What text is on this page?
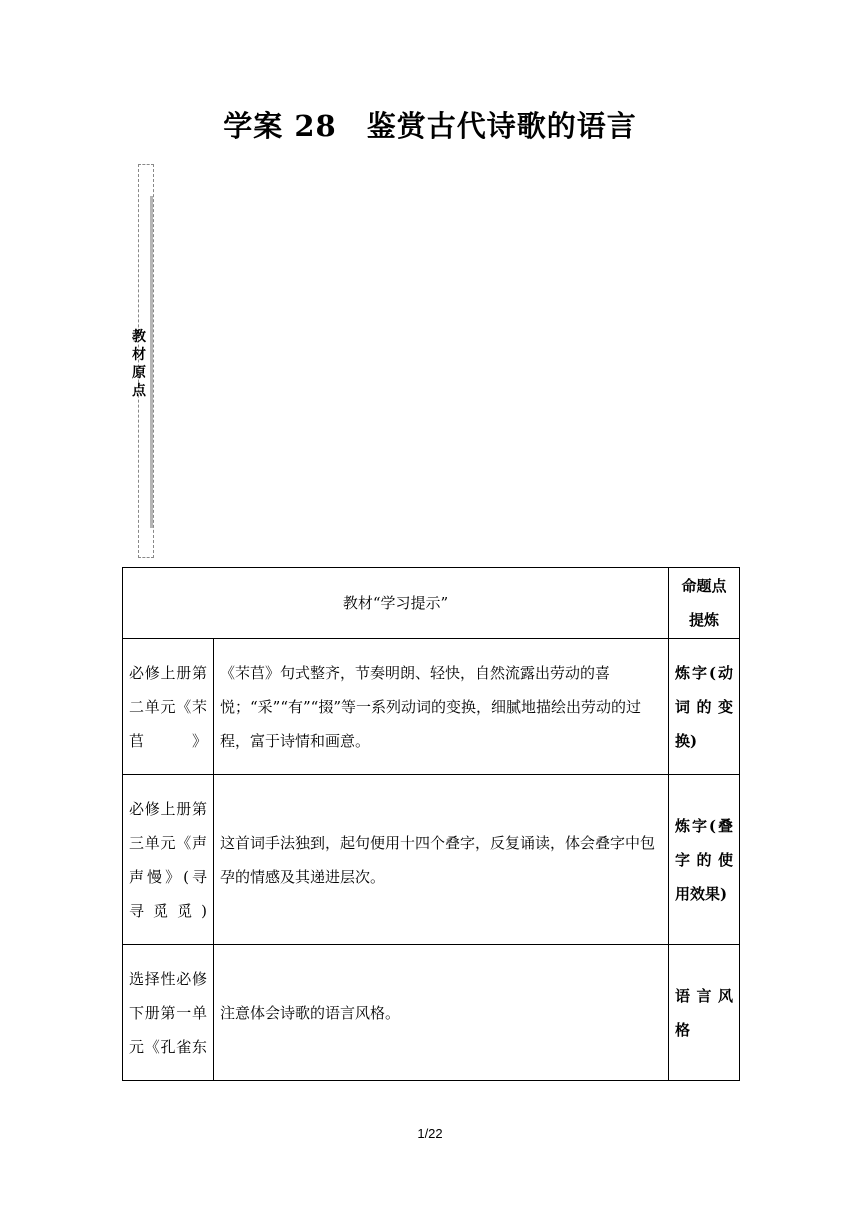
学案 28　鉴赏古代诗歌的语言
教
材
原
点
教材“学习提示”		命题点提炼
必修上册第二单元《芣苢》	《芣苢》句式整齐，节奏明朗、轻快，自然流露出劳动的喜悦；“采”“有”“掇”等一系列动词的变换，细腻地描绘出劳动的过程，富于诗情和画意。	炼字(动词的变换)
必修上册第三单元《声声慢》(寻寻觅觅)	这首词手法独到，起句便用十四个叠字，反复诵读，体会叠字中包孕的情感及其递进层次。	炼字(叠字的使用效果)
选择性必修下册第一单元《孔雀东	注意体会诗歌的语言风格。	语言风格
1/22
